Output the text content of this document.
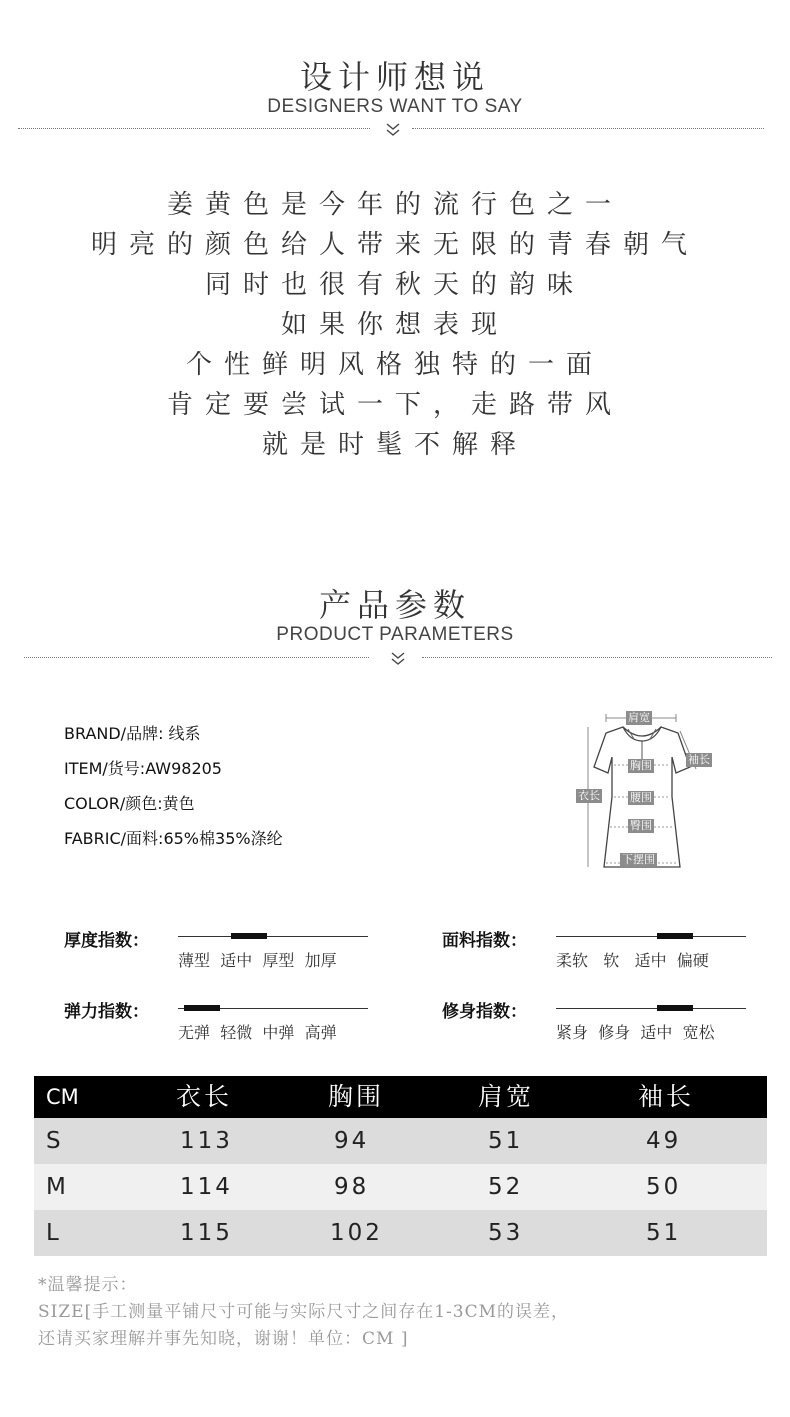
设计师想说
DESIGNERS WANT TO SAY
姜黄色是今年的流行色之一
明亮的颜色给人带来无限的青春朝气
同时也很有秋天的韵味
如果你想表现
个性鲜明风格独特的一面
肯定要尝试一下，走路带风
就是时髦不解释
产品参数
PRODUCT PARAMETERS
BRAND/品牌: 线系
ITEM/货号:AW98205
COLOR/颜色:黄色
FABRIC/面料:65%棉35%涤纶
肩宽
袖长
胸围
衣长	腰围
臀围
下摆围
厚度指数：
薄型 适中 厚型 加厚
面料指数：
柔软 软 适中 偏硬
弹力指数：
无弹 轻微 中弹 高弹
修身指数：
紧身 修身 适中 宽松
CM	衣长	胸围	肩宽	袖长
S	113	94	51	49
M	114	98	52	50
L	115	102	53	51
*温馨提示：
SIZE[手工测量平铺尺寸可能与实际尺寸之间存在1-3CM的误差，
还请买家理解并事先知晓，谢谢！单位：CM ]
